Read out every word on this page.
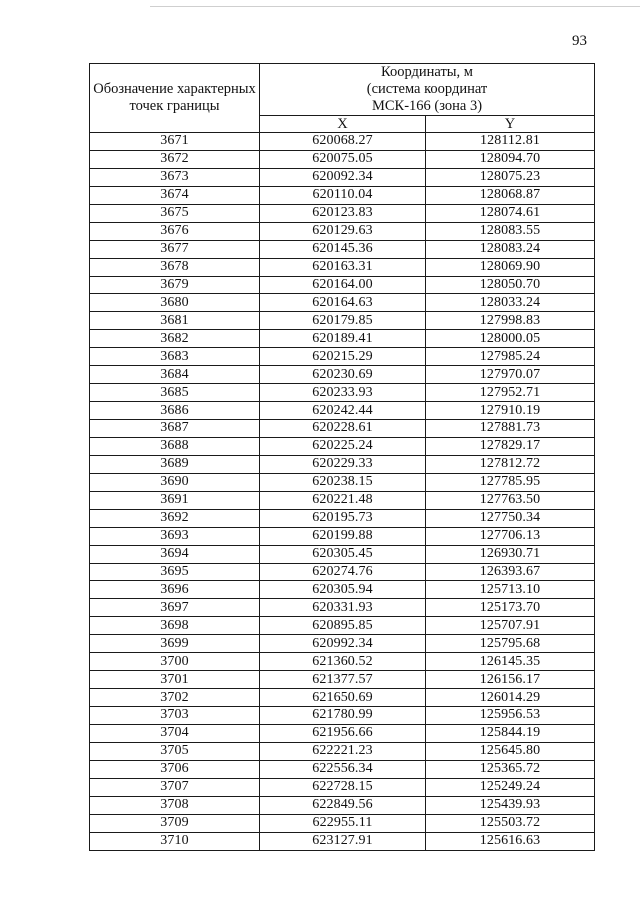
93
Обозначение характерных точек границы	Координаты, м
(система координат
МСК-166 (зона 3)	

	X	Y
3671	620068.27	128112.81
3672	620075.05	128094.70
3673	620092.34	128075.23
3674	620110.04	128068.87
3675	620123.83	128074.61
3676	620129.63	128083.55
3677	620145.36	128083.24
3678	620163.31	128069.90
3679	620164.00	128050.70
3680	620164.63	128033.24
3681	620179.85	127998.83
3682	620189.41	128000.05
3683	620215.29	127985.24
3684	620230.69	127970.07
3685	620233.93	127952.71
3686	620242.44	127910.19
3687	620228.61	127881.73
3688	620225.24	127829.17
3689	620229.33	127812.72
3690	620238.15	127785.95
3691	620221.48	127763.50
3692	620195.73	127750.34
3693	620199.88	127706.13
3694	620305.45	126930.71
3695	620274.76	126393.67
3696	620305.94	125713.10
3697	620331.93	125173.70
3698	620895.85	125707.91
3699	620992.34	125795.68
3700	621360.52	126145.35
3701	621377.57	126156.17
3702	621650.69	126014.29
3703	621780.99	125956.53
3704	621956.66	125844.19
3705	622221.23	125645.80
3706	622556.34	125365.72
3707	622728.15	125249.24
3708	622849.56	125439.93
3709	622955.11	125503.72
3710	623127.91	125616.63
